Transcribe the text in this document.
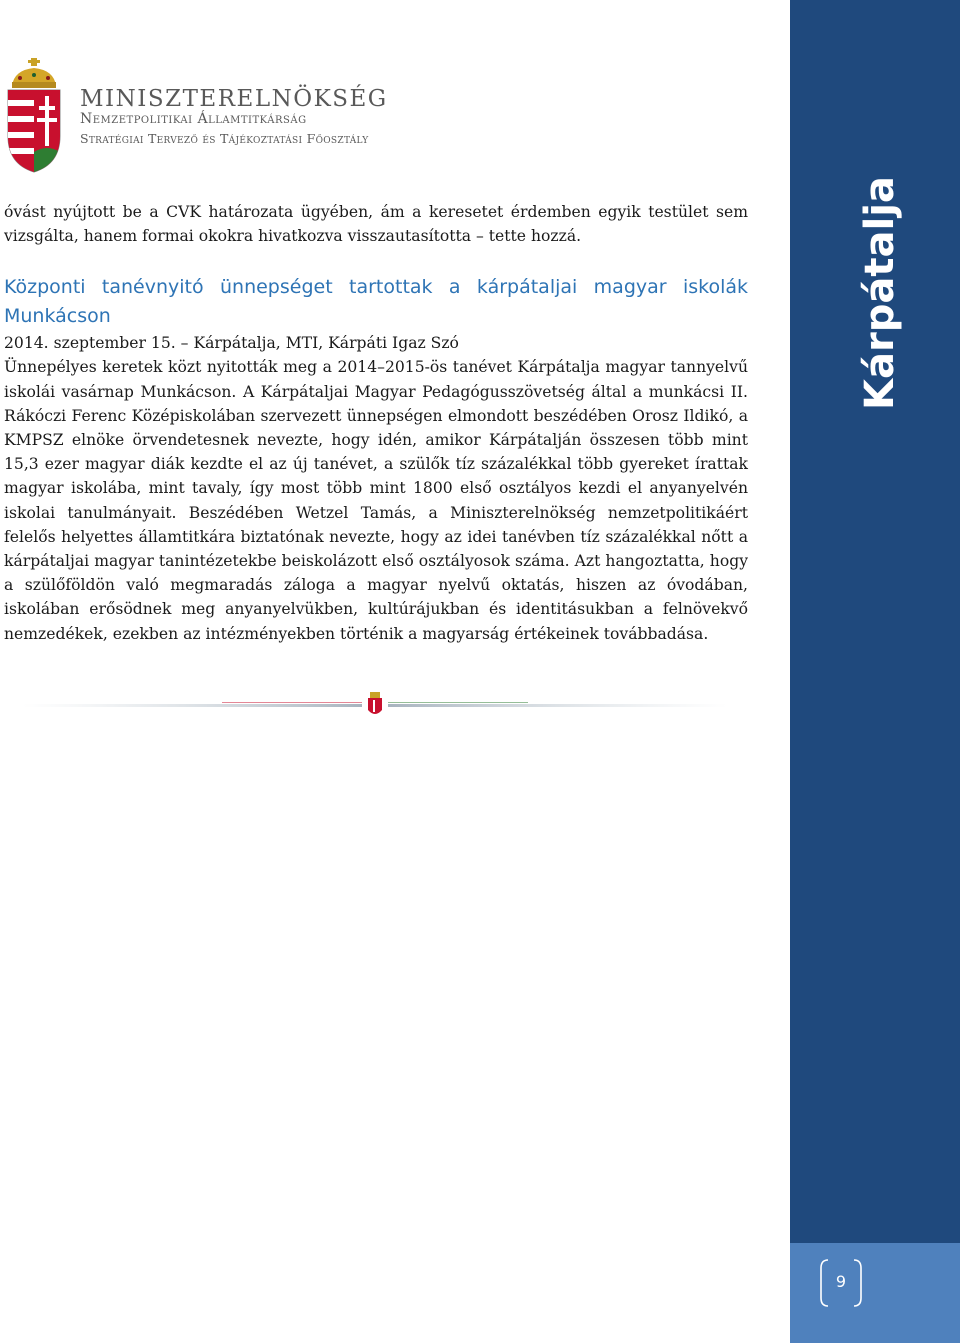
Kárpátalja
9
MINISZTERELNÖKSÉG
Nemzetpolitikai Államtitkárság
Stratégiai Tervező és Tájékoztatási Főosztály

óvást nyújtott be a CVK határozata ügyében, ám a keresetet érdemben egyik testület sem vizsgálta, hanem formai okokra hivatkozva visszautasította – tette hozzá.

Központi tanévnyitó ünnepséget tartottak a kárpátaljai magyar iskolák Munkácson

2014. szeptember 15. – Kárpátalja, MTI, Kárpáti Igaz Szó

Ünnepélyes keretek közt nyitották meg a 2014–2015-ös tanévet Kárpátalja magyar tannyelvű iskolái vasárnap Munkácson. A Kárpátaljai Magyar Pedagógusszövetség által a munkácsi II. Rákóczi Ferenc Középiskolában szervezett ünnepségen elmondott beszédében Orosz Ildikó, a KMPSZ elnöke örvendetesnek nevezte, hogy idén, amikor Kárpátalján összesen több mint 15,3 ezer magyar diák kezdte el az új tanévet, a szülők tíz százalékkal több gyereket írattak magyar iskolába, mint tavaly, így most több mint 1800 első osztályos kezdi el anyanyelvén iskolai tanulmányait. Beszédében Wetzel Tamás, a Miniszterelnökség nemzetpolitikáért felelős helyettes államtitkára biztatónak nevezte, hogy az idei tanévben tíz százalékkal nőtt a kárpátaljai magyar tanintézetekbe beiskolázott első osztályosok száma. Azt hangoztatta, hogy a szülőföldön való megmaradás záloga a magyar nyelvű oktatás, hiszen az óvodában, iskolában erősödnek meg anyanyelvükben, kultúrájukban és identitásukban a felnövekvő nemzedékek, ezekben az intézményekben történik a magyarság értékeinek továbbadása.
